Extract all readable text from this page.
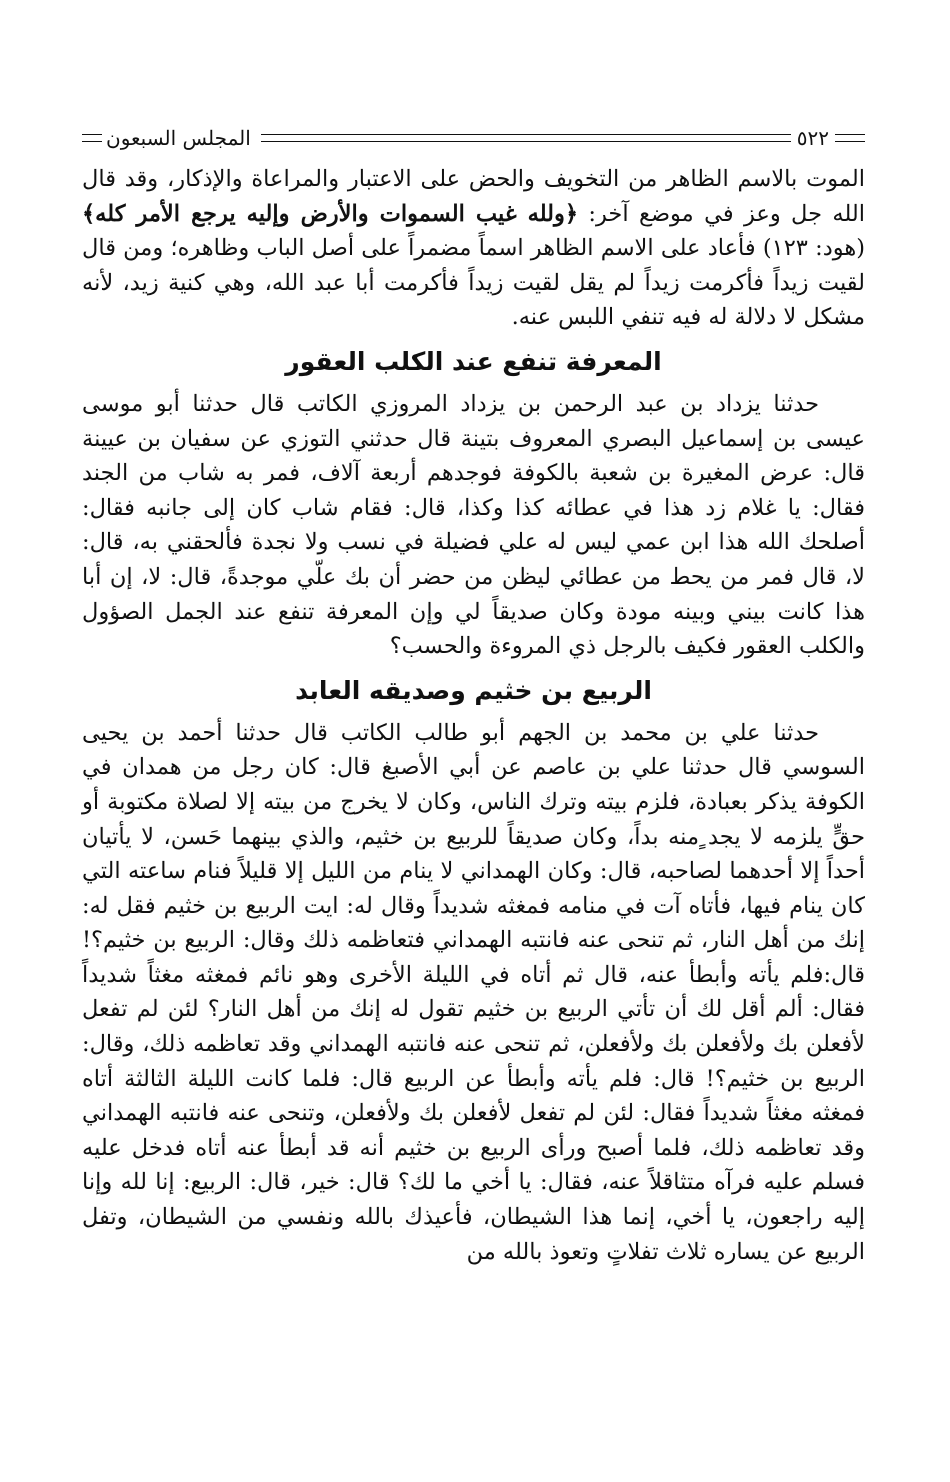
٥٢٢
المجلس السبعون

الموت بالاسم الظاهر من التخويف والحض على الاعتبار والمراعاة والإذكار، وقد قال الله جل وعز في موضع آخر: ﴿ولله غيب السموات والأرض وإليه يرجع الأمر كله﴾ (هود: ١٢٣) فأعاد على الاسم الظاهر اسماً مضمراً على أصل الباب وظاهره؛ ومن قال لقيت زيداً فأكرمت زيداً لم يقل لقيت زيداً فأكرمت أبا عبد الله، وهي كنية زيد، لأنه مشكل لا دلالة له فيه تنفي اللبس عنه.

المعرفة تنفع عند الكلب العقور

حدثنا يزداد بن عبد الرحمن بن يزداد المروزي الكاتب قال حدثنا أبو موسى عيسى بن إسماعيل البصري المعروف بتينة قال حدثني التوزي عن سفيان بن عيينة قال: عرض المغيرة بن شعبة بالكوفة فوجدهم أربعة آلاف، فمر به شاب من الجند فقال: يا غلام زد هذا في عطائه كذا وكذا، قال: فقام شاب كان إلى جانبه فقال: أصلحك الله هذا ابن عمي ليس له علي فضيلة في نسب ولا نجدة فألحقني به، قال: لا، قال فمر من يحط من عطائي ليظن من حضر أن بك علّي موجدةً، قال: لا، إن أبا هذا كانت بيني وبينه مودة وكان صديقاً لي وإن المعرفة تنفع عند الجمل الصؤول والكلب العقور فكيف بالرجل ذي المروءة والحسب؟

الربيع بن خثيم وصديقه العابد

حدثنا علي بن محمد بن الجهم أبو طالب الكاتب قال حدثنا أحمد بن يحيى السوسي قال حدثنا علي بن عاصم عن أبي الأصبغ قال: كان رجل من همدان في الكوفة يذكر بعبادة، فلزم بيته وترك الناس، وكان لا يخرج من بيته إلا لصلاة مكتوبة أو حقٍّ يلزمه لا يجد ٍمنه بداً، وكان صديقاً للربيع بن خثيم، والذي بينهما حَسن، لا يأتيان أحداً إلا أحدهما لصاحبه، قال: وكان الهمداني لا ينام من الليل إلا قليلاً فنام ساعته التي كان ينام فيها، فأتاه آت في منامه فمغثه شديداً وقال له: ايت الربيع بن خثيم فقل له: إنك من أهل النار، ثم تنحى عنه فانتبه الهمداني فتعاظمه ذلك وقال: الربيع بن خثيم؟! قال:فلم يأته وأبطأ عنه، قال ثم أتاه في الليلة الأخرى وهو نائم فمغثه مغثاً شديداً فقال: ألم أقل لك أن تأتي الربيع بن خثيم تقول له إنك من أهل النار؟ لئن لم تفعل لأفعلن بك ولأفعلن بك ولأفعلن، ثم تنحى عنه فانتبه الهمداني وقد تعاظمه ذلك، وقال: الربيع بن خثيم؟! قال: فلم يأته وأبطأ عن الربيع قال: فلما كانت الليلة الثالثة أتاه فمغثه مغثاً شديداً فقال: لئن لم تفعل لأفعلن بك ولأفعلن، وتنحى عنه فانتبه الهمداني وقد تعاظمه ذلك، فلما أصبح ورأى الربيع بن خثيم أنه قد أبطأ عنه أتاه فدخل عليه فسلم عليه فرآه متثاقلاً عنه، فقال: يا أخي ما لك؟ قال: خير، قال: الربيع: إنا لله وإنا إليه راجعون، يا أخي، إنما هذا الشيطان، فأعيذك بالله ونفسي من الشيطان، وتفل الربيع عن يساره ثلاث تفلاتٍ وتعوذ بالله من
